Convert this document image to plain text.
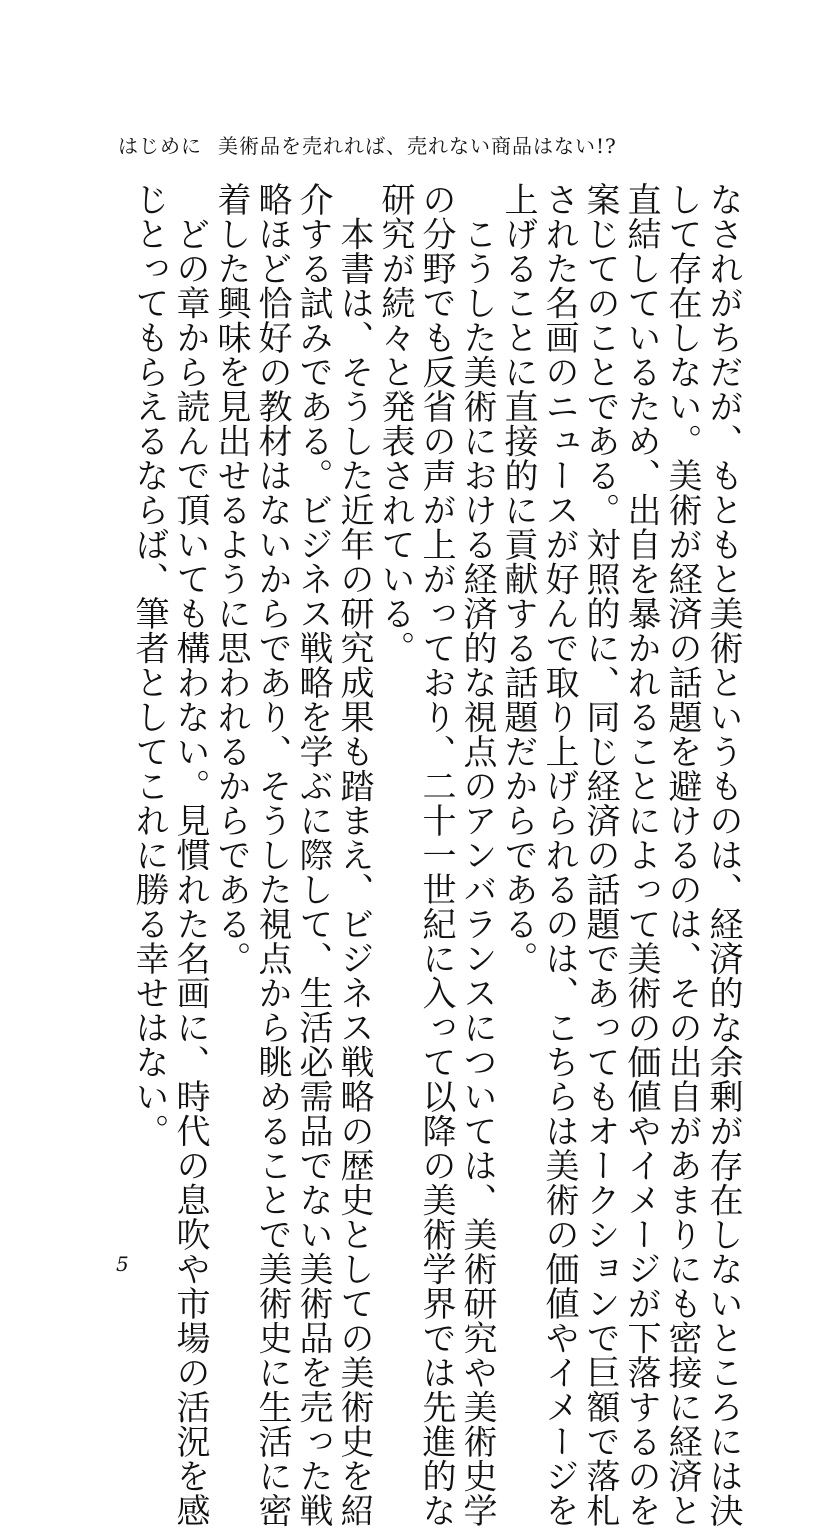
はじめに 美術品を売れれば、売れない商品はない!?
なされがちだが、もともと美術というものは、経済的な余剰が存在しないところには決
して存在しない。美術が経済の話題を避けるのは、その出自があまりにも密接に経済と
直結しているため、出自を暴かれることによって美術の価値やイメージが下落するのを
案じてのことである。対照的に、同じ経済の話題であってもオークションで巨額で落札
された名画のニュースが好んで取り上げられるのは、こちらは美術の価値やイメージを
上げることに直接的に貢献する話題だからである。
　こうした美術における経済的な視点のアンバランスについては、美術研究や美術史学
の分野でも反省の声が上がっており、二十一世紀に入って以降の美術学界では先進的な
研究が続々と発表されている。
　本書は、そうした近年の研究成果も踏まえ、ビジネス戦略の歴史としての美術史を紹
介する試みである。ビジネス戦略を学ぶに際して、生活必需品でない美術品を売った戦
略ほど恰好の教材はないからであり、そうした視点から眺めることで美術史に生活に密
着した興味を見出せるように思われるからである。
　どの章から読んで頂いても構わない。見慣れた名画に、時代の息吹や市場の活況を感
じとってもらえるならば、筆者としてこれに勝る幸せはない。
5
